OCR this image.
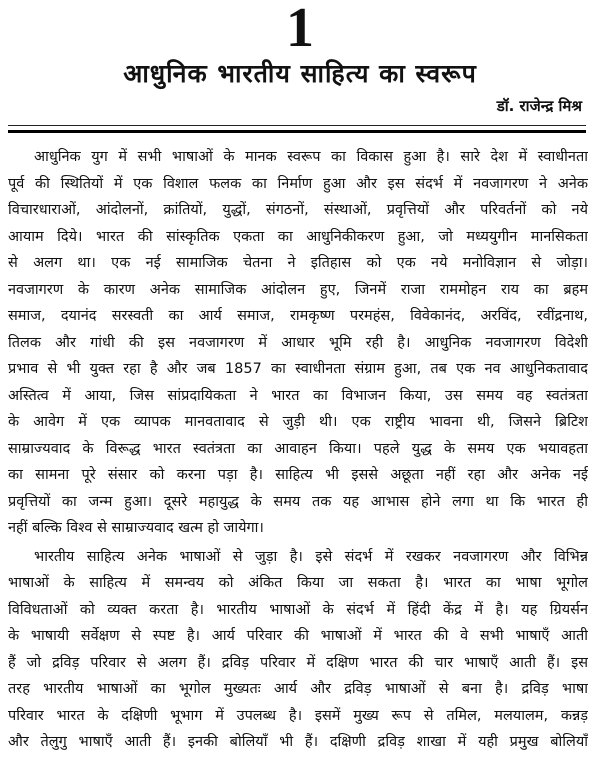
1
आधुनिक भारतीय साहित्य का स्वरूप
डॉ. राजेन्द्र मिश्र
आधुनिक युग में सभी भाषाओं के मानक स्वरूप का विकास हुआ है। सारे देश में स्वाधीनता
पूर्व की स्थितियों में एक विशाल फलक का निर्माण हुआ और इस संदर्भ में नवजागरण ने अनेक
विचारधाराओं, आंदोलनों, क्रांतियों, युद्धों, संगठनों, संस्थाओं, प्रवृत्तियों और परिवर्तनों को नये
आयाम दिये। भारत की सांस्कृतिक एकता का आधुनिकीकरण हुआ, जो मध्ययुगीन मानसिकता
से अलग था। एक नई सामाजिक चेतना ने इतिहास को एक नये मनोविज्ञान से जोड़ा।
नवजागरण के कारण अनेक सामाजिक आंदोलन हुए, जिनमें राजा राममोहन राय का ब्रहम
समाज, दयानंद सरस्वती का आर्य समाज, रामकृष्ण परमहंस, विवेकानंद, अरविंद, रवींद्रनाथ,
तिलक और गांधी की इस नवजागरण में आधार भूमि रही है। आधुनिक नवजागरण विदेशी
प्रभाव से भी युक्त रहा है और जब 1857 का स्वाधीनता संग्राम हुआ, तब एक नव आधुनिकतावाद
अस्तित्व में आया, जिस सांप्रदायिकता ने भारत का विभाजन किया, उस समय वह स्वतंत्रता
के आवेग में एक व्यापक मानवतावाद से जुड़ी थी। एक राष्ट्रीय भावना थी, जिसने ब्रिटिश
साम्राज्यवाद के विरूद्ध भारत स्वतंत्रता का आवाहन किया। पहले युद्ध के समय एक भयावहता
का सामना पूरे संसार को करना पड़ा है। साहित्य भी इससे अछूता नहीं रहा और अनेक नई
प्रवृत्तियों का जन्म हुआ। दूसरे महायुद्ध के समय तक यह आभास होने लगा था कि भारत ही
नहीं बल्कि विश्व से साम्राज्यवाद खत्म हो जायेगा।
भारतीय साहित्य अनेक भाषाओं से जुड़ा है। इसे संदर्भ में रखकर नवजागरण और विभिन्न
भाषाओं के साहित्य में समन्वय को अंकित किया जा सकता है। भारत का भाषा भूगोल
विविधताओं को व्यक्त करता है। भारतीय भाषाओं के संदर्भ में हिंदी केंद्र में है। यह ग्रियर्सन
के भाषायी सर्वेक्षण से स्पष्ट है। आर्य परिवार की भाषाओं में भारत की वे सभी भाषाएँ आती
हैं जो द्रविड़ परिवार से अलग हैं। द्रविड़ परिवार में दक्षिण भारत की चार भाषाएँ आती हैं। इस
तरह भारतीय भाषाओं का भूगोल मुख्यतः आर्य और द्रविड़ भाषाओं से बना है। द्रविड़ भाषा
परिवार भारत के दक्षिणी भूभाग में उपलब्ध है। इसमें मुख्य रूप से तमिल, मलयालम, कन्नड़
और तेलुगु भाषाएँ आती हैं। इनकी बोलियाँ भी हैं। दक्षिणी द्रविड़ शाखा में यही प्रमुख बोलियाँ
